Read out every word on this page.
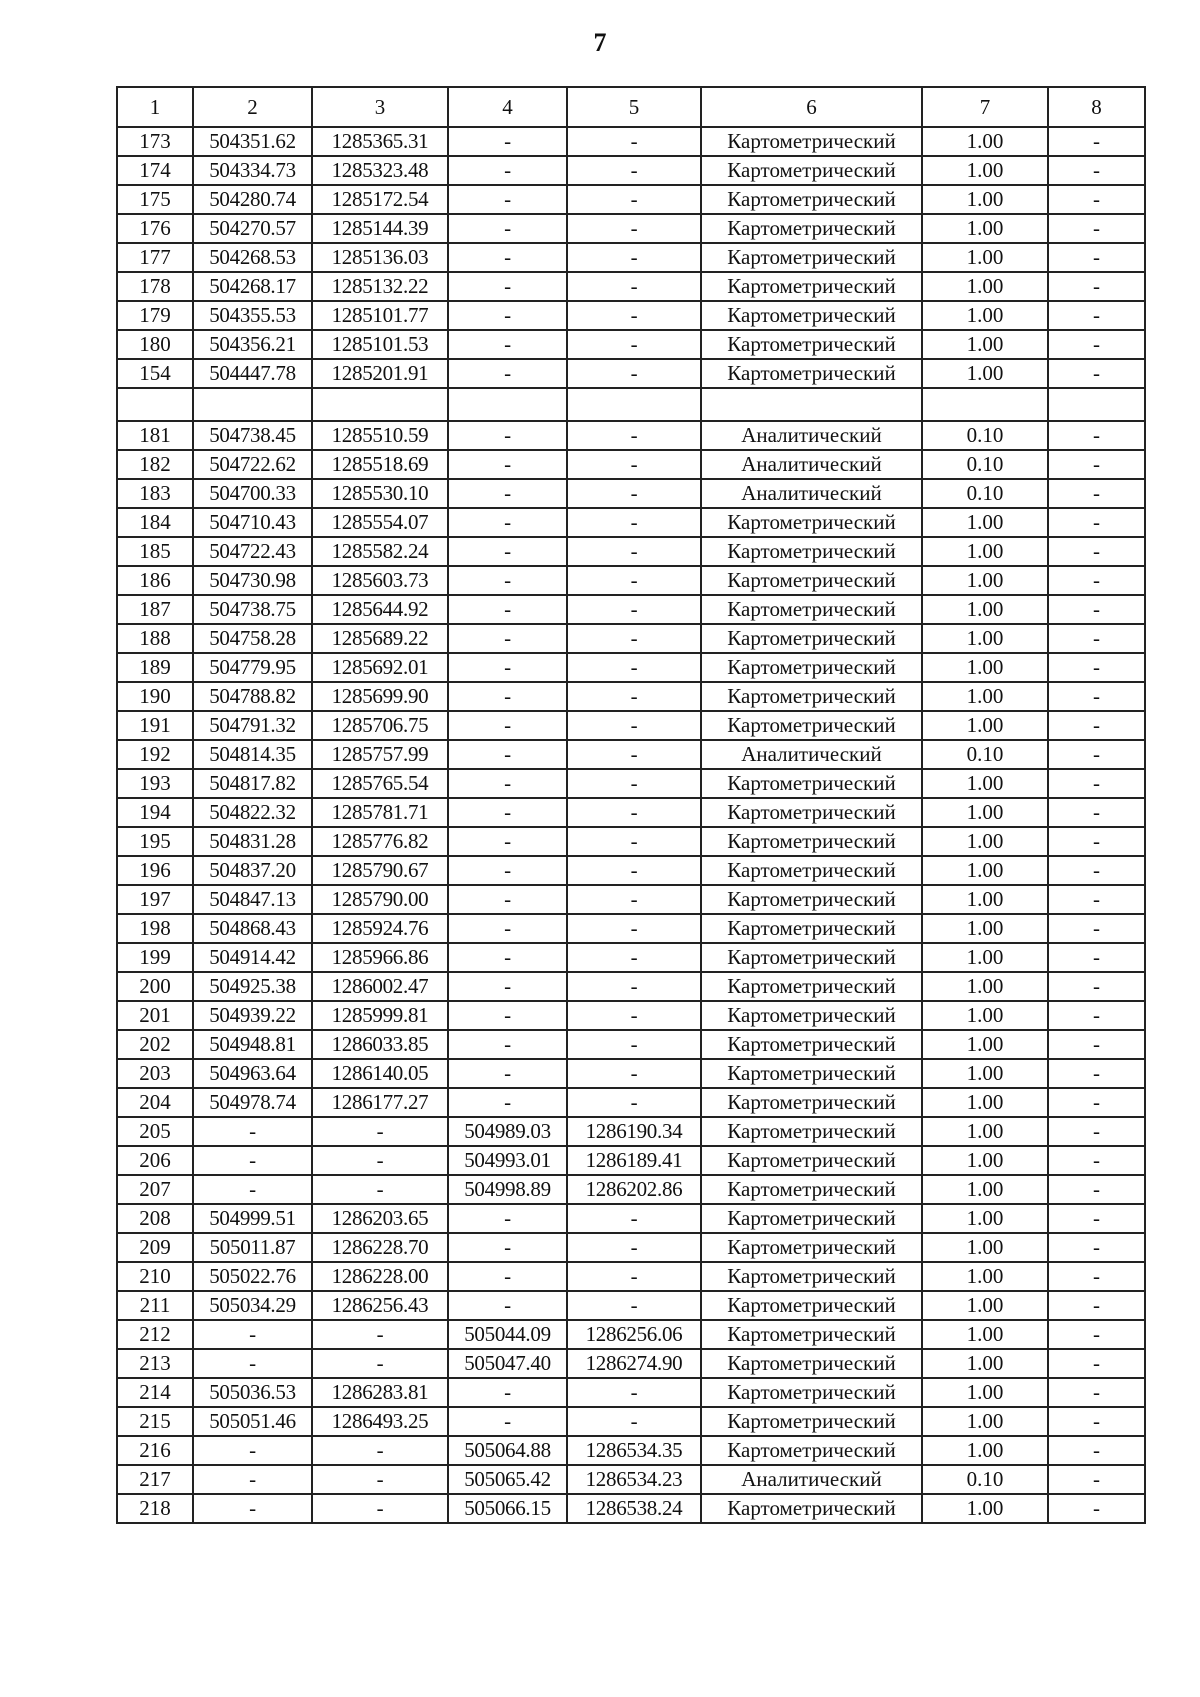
7
1	2	3	4	5	6	7	8
173	504351.62	1285365.31	-	-	Картометрический	1.00	-
174	504334.73	1285323.48	-	-	Картометрический	1.00	-
175	504280.74	1285172.54	-	-	Картометрический	1.00	-
176	504270.57	1285144.39	-	-	Картометрический	1.00	-
177	504268.53	1285136.03	-	-	Картометрический	1.00	-
178	504268.17	1285132.22	-	-	Картометрический	1.00	-
179	504355.53	1285101.77	-	-	Картометрический	1.00	-
180	504356.21	1285101.53	-	-	Картометрический	1.00	-
154	504447.78	1285201.91	-	-	Картометрический	1.00	-

181	504738.45	1285510.59	-	-	Аналитический	0.10	-
182	504722.62	1285518.69	-	-	Аналитический	0.10	-
183	504700.33	1285530.10	-	-	Аналитический	0.10	-
184	504710.43	1285554.07	-	-	Картометрический	1.00	-
185	504722.43	1285582.24	-	-	Картометрический	1.00	-
186	504730.98	1285603.73	-	-	Картометрический	1.00	-
187	504738.75	1285644.92	-	-	Картометрический	1.00	-
188	504758.28	1285689.22	-	-	Картометрический	1.00	-
189	504779.95	1285692.01	-	-	Картометрический	1.00	-
190	504788.82	1285699.90	-	-	Картометрический	1.00	-
191	504791.32	1285706.75	-	-	Картометрический	1.00	-
192	504814.35	1285757.99	-	-	Аналитический	0.10	-
193	504817.82	1285765.54	-	-	Картометрический	1.00	-
194	504822.32	1285781.71	-	-	Картометрический	1.00	-
195	504831.28	1285776.82	-	-	Картометрический	1.00	-
196	504837.20	1285790.67	-	-	Картометрический	1.00	-
197	504847.13	1285790.00	-	-	Картометрический	1.00	-
198	504868.43	1285924.76	-	-	Картометрический	1.00	-
199	504914.42	1285966.86	-	-	Картометрический	1.00	-
200	504925.38	1286002.47	-	-	Картометрический	1.00	-
201	504939.22	1285999.81	-	-	Картометрический	1.00	-
202	504948.81	1286033.85	-	-	Картометрический	1.00	-
203	504963.64	1286140.05	-	-	Картометрический	1.00	-
204	504978.74	1286177.27	-	-	Картометрический	1.00	-
205	-	-	504989.03	1286190.34	Картометрический	1.00	-
206	-	-	504993.01	1286189.41	Картометрический	1.00	-
207	-	-	504998.89	1286202.86	Картометрический	1.00	-
208	504999.51	1286203.65	-	-	Картометрический	1.00	-
209	505011.87	1286228.70	-	-	Картометрический	1.00	-
210	505022.76	1286228.00	-	-	Картометрический	1.00	-
211	505034.29	1286256.43	-	-	Картометрический	1.00	-
212	-	-	505044.09	1286256.06	Картометрический	1.00	-
213	-	-	505047.40	1286274.90	Картометрический	1.00	-
214	505036.53	1286283.81	-	-	Картометрический	1.00	-
215	505051.46	1286493.25	-	-	Картометрический	1.00	-
216	-	-	505064.88	1286534.35	Картометрический	1.00	-
217	-	-	505065.42	1286534.23	Аналитический	0.10	-
218	-	-	505066.15	1286538.24	Картометрический	1.00	-
